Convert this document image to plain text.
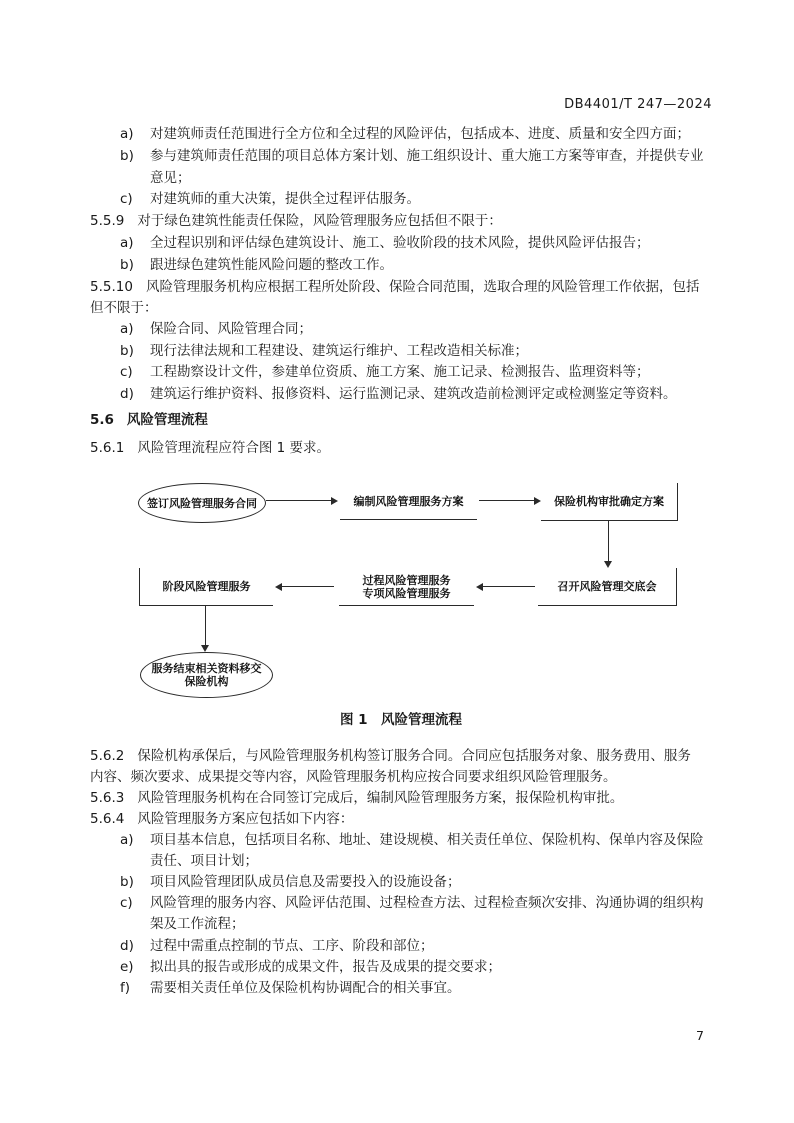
DB4401/T 247—2024
a) 对建筑师责任范围进行全方位和全过程的风险评估，包括成本、进度、质量和安全四方面；
b) 参与建筑师责任范围的项目总体方案计划、施工组织设计、重大施工方案等审查，并提供专业
意见；
c) 对建筑师的重大决策，提供全过程评估服务。
5.5.9 对于绿色建筑性能责任保险，风险管理服务应包括但不限于：
a) 全过程识别和评估绿色建筑设计、施工、验收阶段的技术风险，提供风险评估报告；
b) 跟进绿色建筑性能风险问题的整改工作。
5.5.10 风险管理服务机构应根据工程所处阶段、保险合同范围，选取合理的风险管理工作依据，包括
但不限于：
a) 保险合同、风险管理合同；
b) 现行法律法规和工程建设、建筑运行维护、工程改造相关标准；
c) 工程勘察设计文件，参建单位资质、施工方案、施工记录、检测报告、监理资料等；
d) 建筑运行维护资料、报修资料、运行监测记录、建筑改造前检测评定或检测鉴定等资料。
5.6 风险管理流程
5.6.1 风险管理流程应符合图 1 要求。
签订风险管理服务合同	编制风险管理服务方案	保险机构审批确定方案
召开风险管理交底会
过程风险管理服务
专项风险管理服务
阶段风险管理服务
服务结束相关资料移交
保险机构
图 1　风险管理流程
5.6.2 保险机构承保后，与风险管理服务机构签订服务合同。合同应包括服务对象、服务费用、服务
内容、频次要求、成果提交等内容，风险管理服务机构应按合同要求组织风险管理服务。
5.6.3 风险管理服务机构在合同签订完成后，编制风险管理服务方案，报保险机构审批。
5.6.4 风险管理服务方案应包括如下内容：
a) 项目基本信息，包括项目名称、地址、建设规模、相关责任单位、保险机构、保单内容及保险
责任、项目计划；
b) 项目风险管理团队成员信息及需要投入的设施设备；
c) 风险管理的服务内容、风险评估范围、过程检查方法、过程检查频次安排、沟通协调的组织构
架及工作流程；
d) 过程中需重点控制的节点、工序、阶段和部位；
e) 拟出具的报告或形成的成果文件，报告及成果的提交要求；
f) 需要相关责任单位及保险机构协调配合的相关事宜。
7
